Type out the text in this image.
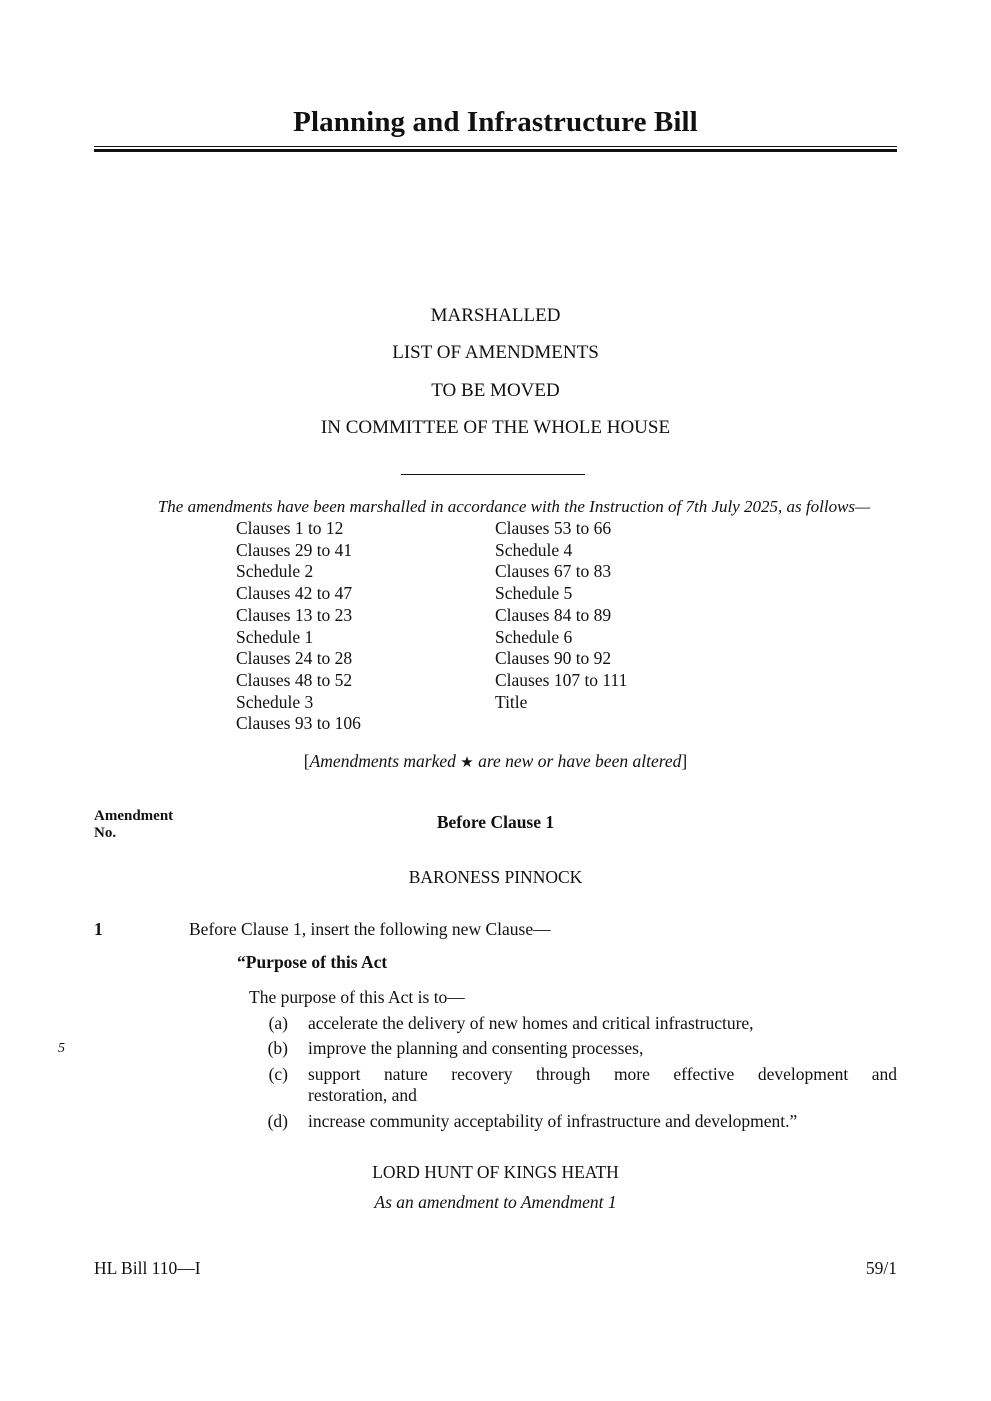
Planning and Infrastructure Bill
MARSHALLED
LIST OF AMENDMENTS
TO BE MOVED
IN COMMITTEE OF THE WHOLE HOUSE
The amendments have been marshalled in accordance with the Instruction of 7th July 2025, as follows—
Clauses 1 to 12
Clauses 29 to 41
Schedule 2
Clauses 42 to 47
Clauses 13 to 23
Schedule 1
Clauses 24 to 28
Clauses 48 to 52
Schedule 3
Clauses 93 to 106
Clauses 53 to 66
Schedule 4
Clauses 67 to 83
Schedule 5
Clauses 84 to 89
Schedule 6
Clauses 90 to 92
Clauses 107 to 111
Title
[Amendments marked ★ are new or have been altered]
Amendment
No.
Before Clause 1
BARONESS PINNOCK
1	Before Clause 1, insert the following new Clause—
“Purpose of this Act
The purpose of this Act is to—
(a) accelerate the delivery of new homes and critical infrastructure,
5	(b) improve the planning and consenting processes,
(c) support nature recovery through more effective development and
restoration, and
(d) increase community acceptability of infrastructure and development.”
LORD HUNT OF KINGS HEATH
As an amendment to Amendment 1
HL Bill 110—I	59/1
